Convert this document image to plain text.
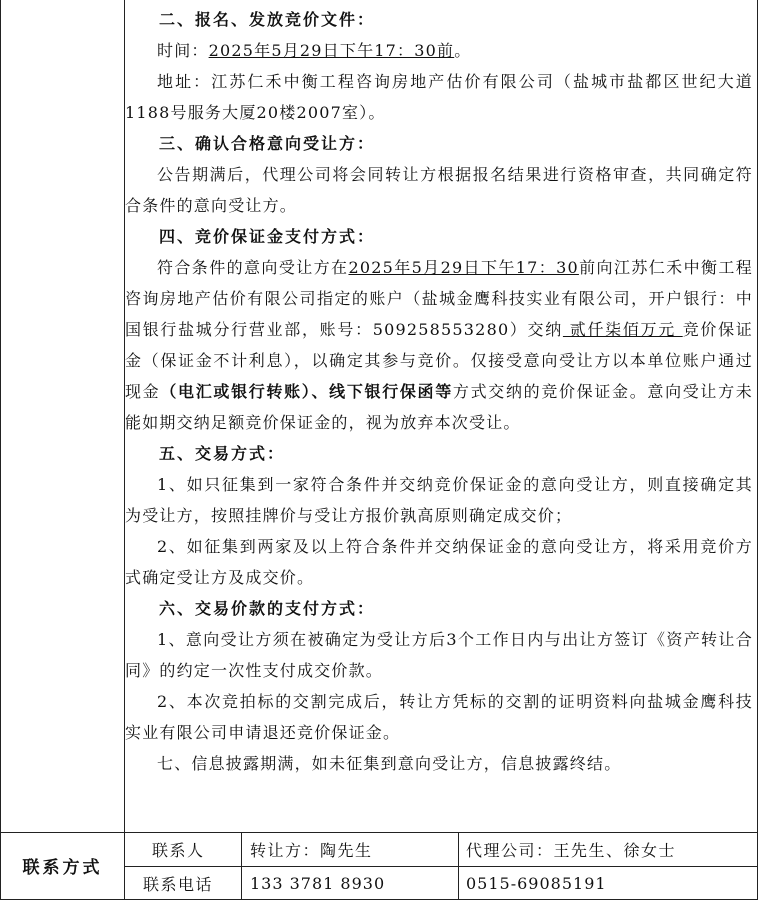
二、报名、发放竞价文件：

时间：2025年5月29日下午17：30前。

地址：江苏仁禾中衡工程咨询房地产估价有限公司（盐城市盐都区世纪大道1188号服务大厦20楼2007室）。

三、确认合格意向受让方：

公告期满后，代理公司将会同转让方根据报名结果进行资格审查，共同确定符合条件的意向受让方。

四、竞价保证金支付方式：

符合条件的意向受让方在2025年5月29日下午17：30前向江苏仁禾中衡工程咨询房地产估价有限公司指定的账户（盐城金鹰科技实业有限公司，开户银行：中国银行盐城分行营业部，账号：509258553280）交纳 贰仟柒佰万元 竞价保证金（保证金不计利息），以确定其参与竞价。仅接受意向受让方以本单位账户通过现金（电汇或银行转账）、线下银行保函等方式交纳的竞价保证金。意向受让方未能如期交纳足额竞价保证金的，视为放弃本次受让。

五、交易方式：

1、如只征集到一家符合条件并交纳竞价保证金的意向受让方，则直接确定其为受让方，按照挂牌价与受让方报价孰高原则确定成交价；

2、如征集到两家及以上符合条件并交纳保证金的意向受让方，将采用竞价方式确定受让方及成交价。

六、交易价款的支付方式：

1、意向受让方须在被确定为受让方后3个工作日内与出让方签订《资产转让合同》的约定一次性支付成交价款。

2、本次竞拍标的交割完成后，转让方凭标的交割的证明资料向盐城金鹰科技实业有限公司申请退还竞价保证金。

七、信息披露期满，如未征集到意向受让方，信息披露终结。

联系方式
联系人	转让方：陶先生	代理公司：王先生、徐女士
联系电话 133 3781 8930	0515-69085191
